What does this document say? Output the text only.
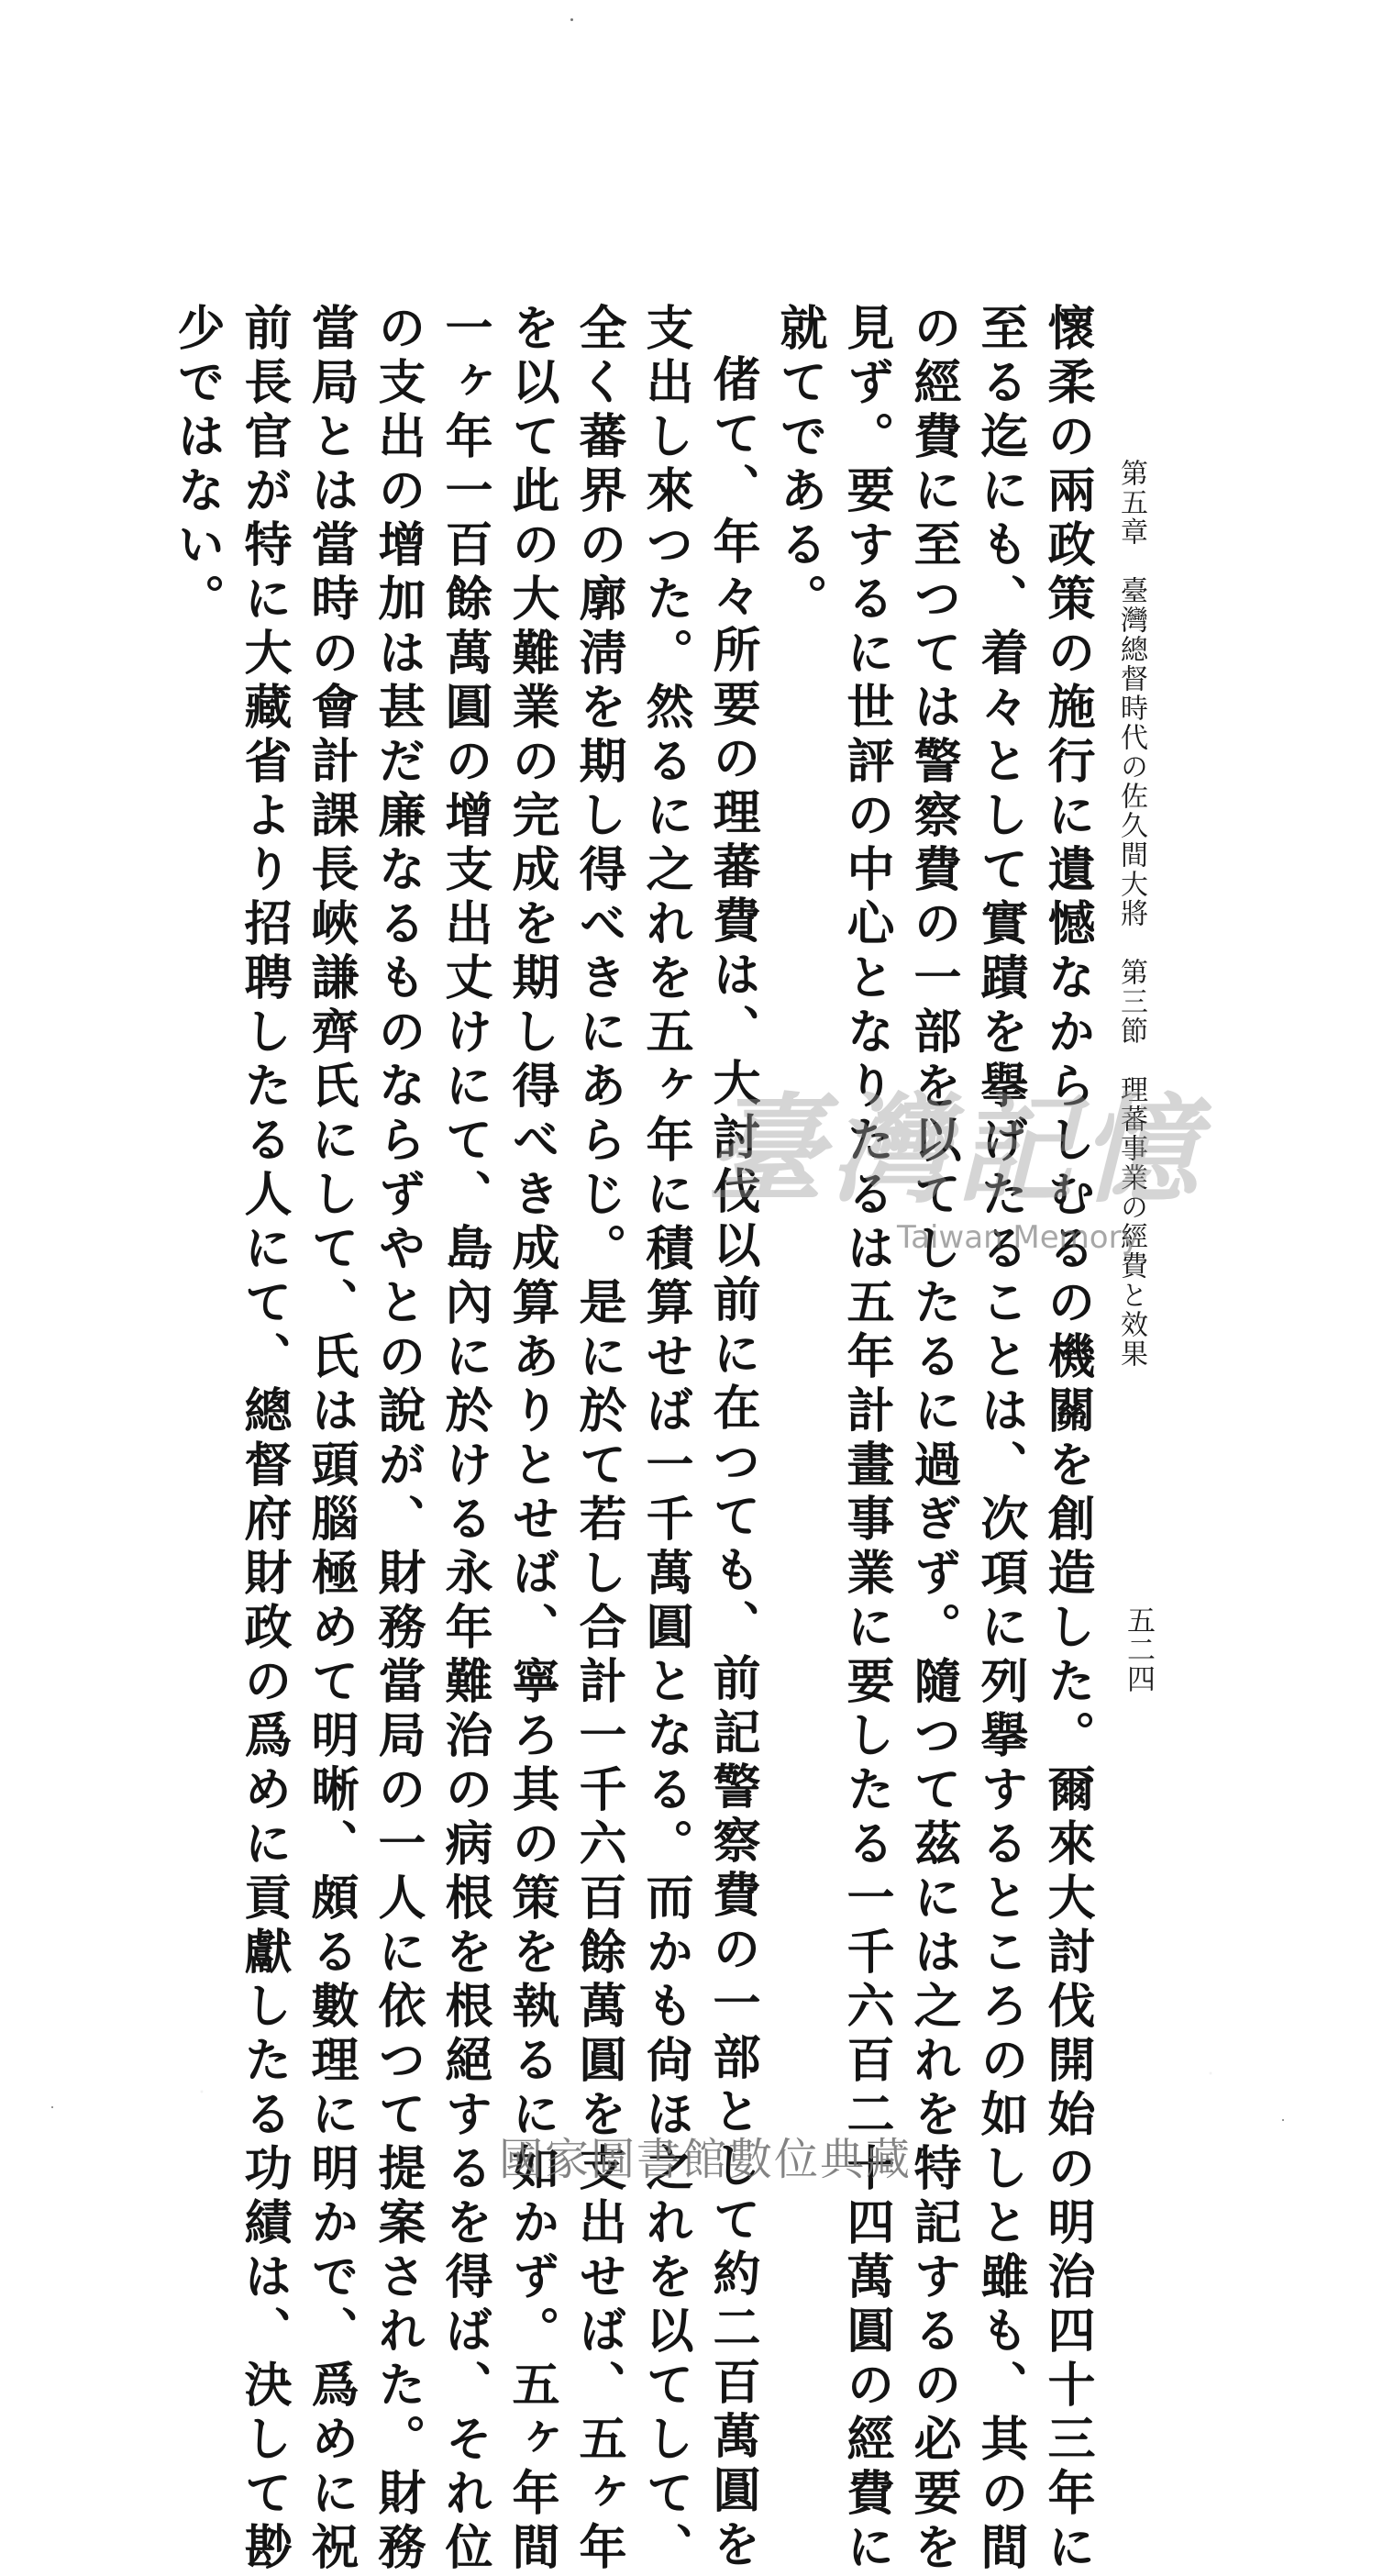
第五章　臺灣總督時代の佐久間大將　第三節　理蕃事業の經費と效果
五二四
懷柔の兩政策の施行に遺憾なからしむるの機關を創造した。爾來大討伐開始の明治四十三年に
至る迄にも、着々として實蹟を擧げたることは、次項に列擧するところの如しと雖も、其の間
の經費に至つては警察費の一部を以てしたるに過ぎず。隨つて茲には之れを特記するの必要を
見ず。要するに世評の中心となりたるは五年計畫事業に要したる一千六百二十四萬圓の經費に
就てである。
偖て、年々所要の理蕃費は、大討伐以前に在つても、前記警察費の一部として約二百萬圓を
支出し來つた。然るに之れを五ヶ年に積算せば一千萬圓となる。而かも尙ほ之れを以てして、
全く蕃界の廓淸を期し得べきにあらじ。是に於て若し合計一千六百餘萬圓を支出せば、五ヶ年
を以て此の大難業の完成を期し得べき成算ありとせば、寧ろ其の策を執るに如かず。五ヶ年間
一ヶ年一百餘萬圓の增支出丈けにて、島內に於ける永年難治の病根を根絕するを得ば、それ位
の支出の增加は甚だ廉なるものならずやとの說が、財務當局の一人に依つて提案された。財務
當局とは當時の會計課長峽謙齊氏にして、氏は頭腦極めて明晰、頗る數理に明かで、爲めに祝
前長官が特に大藏省より招聘したる人にて、總督府財政の爲めに貢獻したる功績は、決して尠
少ではない。
臺灣記憶
Taiwan Memory
國家圖書館數位典藏
